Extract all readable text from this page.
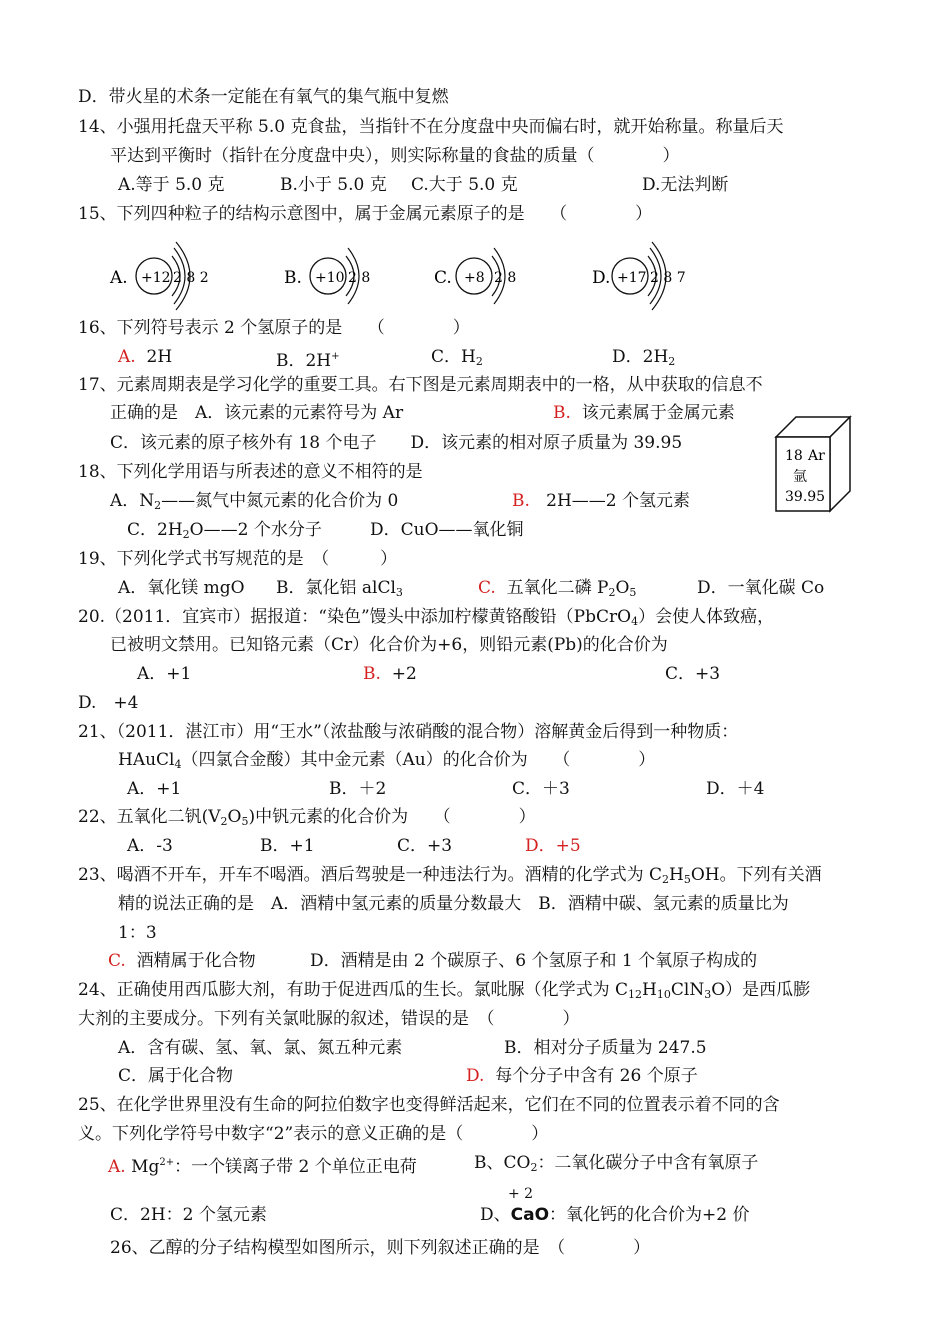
D．带火星的术条一定能在有氧气的集气瓶中复燃
14、小强用托盘天平称 5.0 克食盐，当指针不在分度盘中央而偏右时，就开始称量。称量后天
平达到平衡时（指针在分度盘中央），则实际称量的食盐的质量（　　　　）
A.等于 5.0 克	B.小于 5.0 克 C.大于 5.0 克	D.无法判断
15、下列四种粒子的结构示意图中，属于金属元素原子的是　　（　　　　）
A. +12 2 8 2	B. +10 2 8	C. +8 2 8	D. +17 2 8 7
16、下列符号表示 2 个氢原子的是　　（　　　　）
A. 2H	B．2H+	C．$H_2$	D．$2H_2$
17、元素周期表是学习化学的重要工具。右下图是元素周期表中的一格，从中获取的信息不
正确的是　A．该元素的元素符号为 Ar	B. 该元素属于金属元素
C．该元素的原子核外有 18 个电子　　D．该元素的相对原子质量为 39.95
18 Ar
氩
39.95
18、下列化学用语与所表述的意义不相符的是
A．$N_2——$氮气中氮元素的化合价为 0	B. 2H——2 个氢元素
C．$2H_2O——2$ 个水分子	D．CuO——氧化铜
19、下列化学式书写规范的是　（　　　）
A．氧化镁 mgO B．氯化铝 alCl$_3$	C. 五氧化二磷 $P_2O_5$	D．一氧化碳 Co
20.（2011．宜宾市）据报道：“染色”馒头中添加柠檬黄铬酸铅（PbCrO$_4$）会使人体致癌，
已被明文禁用。已知铬元素（Cr）化合价为+6，则铅元素(Pb)的化合价为
A．+1	B. +2	C．+3
D.　+4
21、（2011．湛江市）用“王水”（浓盐酸与浓硝酸的混合物）溶解黄金后得到一种物质：
HAuCl$_4$（四氯合金酸）其中金元素（Au）的化合价为　　（　　　　）
A．+1	B．＋2	C．＋3	D．＋4
22、五氧化二钒$(V_2O_5)$中钒元素的化合价为　　（　　　　）
A．-3	B．+1	C．+3	D．+5
23、喝酒不开车，开车不喝酒。酒后驾驶是一种违法行为。酒精的化学式为 $C_2H_5OH$。下列有关酒
精的说法正确的是　A．酒精中氢元素的质量分数最大　B．酒精中碳、氢元素的质量比为
1：3
C. 酒精属于化合物	D．酒精是由 2 个碳原子、6 个氢原子和 1 个氧原子构成的
24、正确使用西瓜膨大剂，有助于促进西瓜的生长。氯吡脲（化学式为 $C_{12}H_{10}ClN_3O$）是西瓜膨
大剂的主要成分。下列有关氯吡脲的叙述，错误的是　（　　　　）
A．含有碳、氢、氧、氯、氮五种元素	B．相对分子质量为 247.5
C．属于化合物	D. 每个分子中含有 26 个原子
25、在化学世界里没有生命的阿拉伯数字也变得鲜活起来，它们在不同的位置表示着不同的含
义。下列化学符号中数字“2”表示的意义正确的是（　　　　）
A. $Mg^{2+}$：一个镁离子带 2 个单位正电荷	B、$CO_2$：二氧化碳分子中含有氧原子
+ 2
C．2H：2 个氢元素	D、CaO：氧化钙的化合价为+2 价
26、乙醇的分子结构模型如图所示，则下列叙述正确的是　（　　　　）
